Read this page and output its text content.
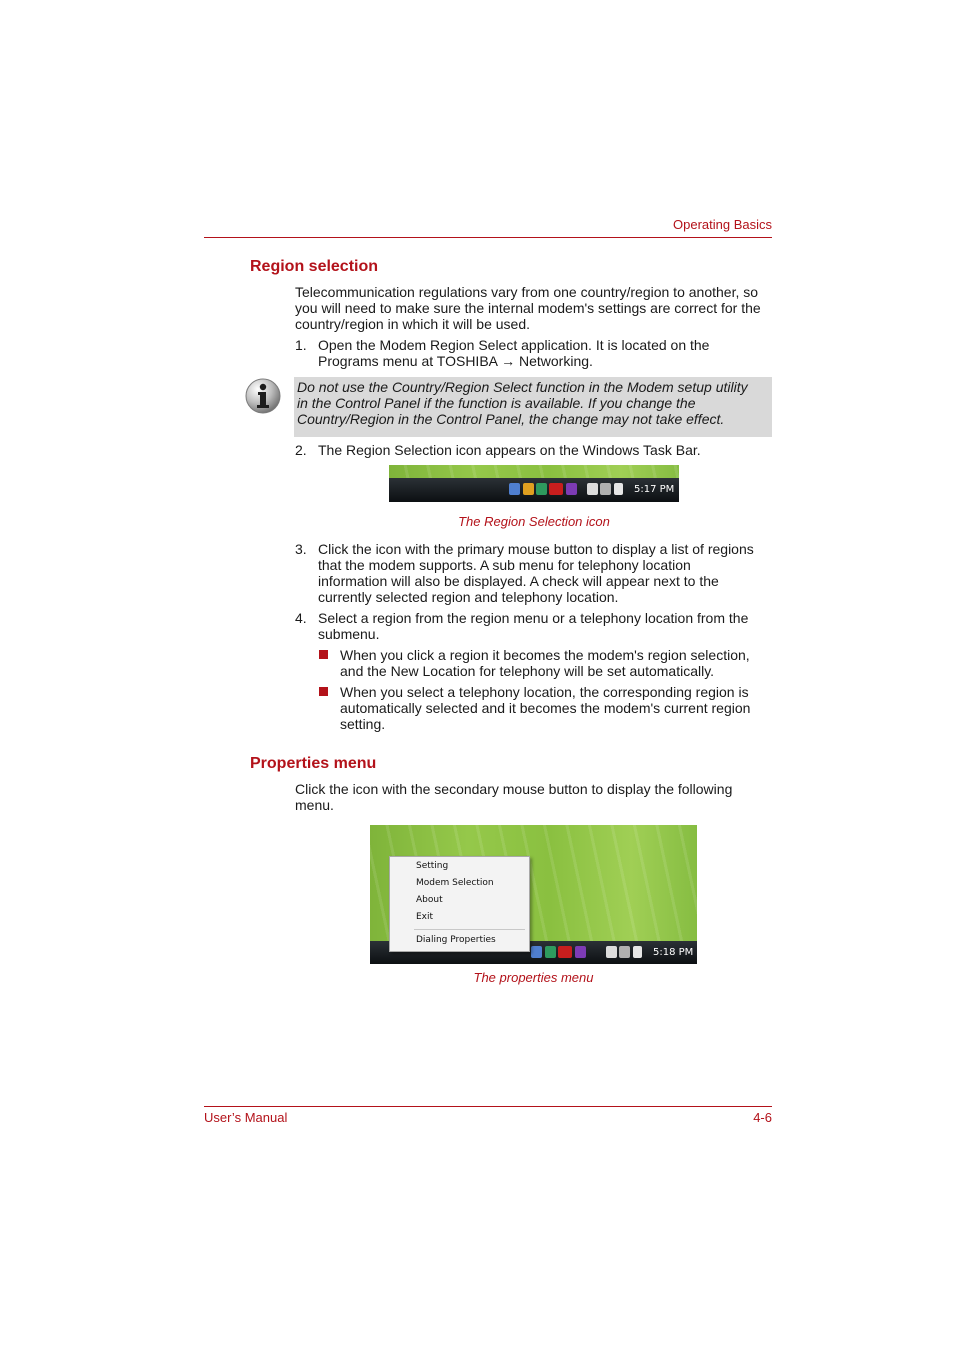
Operating Basics
Region selection
Telecommunication regulations vary from one country/region to another, so
you will need to make sure the internal modem's settings are correct for the
country/region in which it will be used.
1. Open the Modem Region Select application. It is located on the
Programs menu at TOSHIBA → Networking.
Do not use the Country/Region Select function in the Modem setup utility
in the Control Panel if the function is available. If you change the
Country/Region in the Control Panel, the change may not take effect.
2. The Region Selection icon appears on the Windows Task Bar.
5:17 PM
The Region Selection icon
3. Click the icon with the primary mouse button to display a list of regions
that the modem supports. A sub menu for telephony location
information will also be displayed. A check will appear next to the
currently selected region and telephony location.
4. Select a region from the region menu or a telephony location from the
submenu.
When you click a region it becomes the modem's region selection,
and the New Location for telephony will be set automatically.
When you select a telephony location, the corresponding region is
automatically selected and it becomes the modem's current region
setting.
Properties menu
Click the icon with the secondary mouse button to display the following
menu.
5:18 PM
Setting
Modem Selection
About
Exit
Dialing Properties
The properties menu
User’s Manual	4-6
